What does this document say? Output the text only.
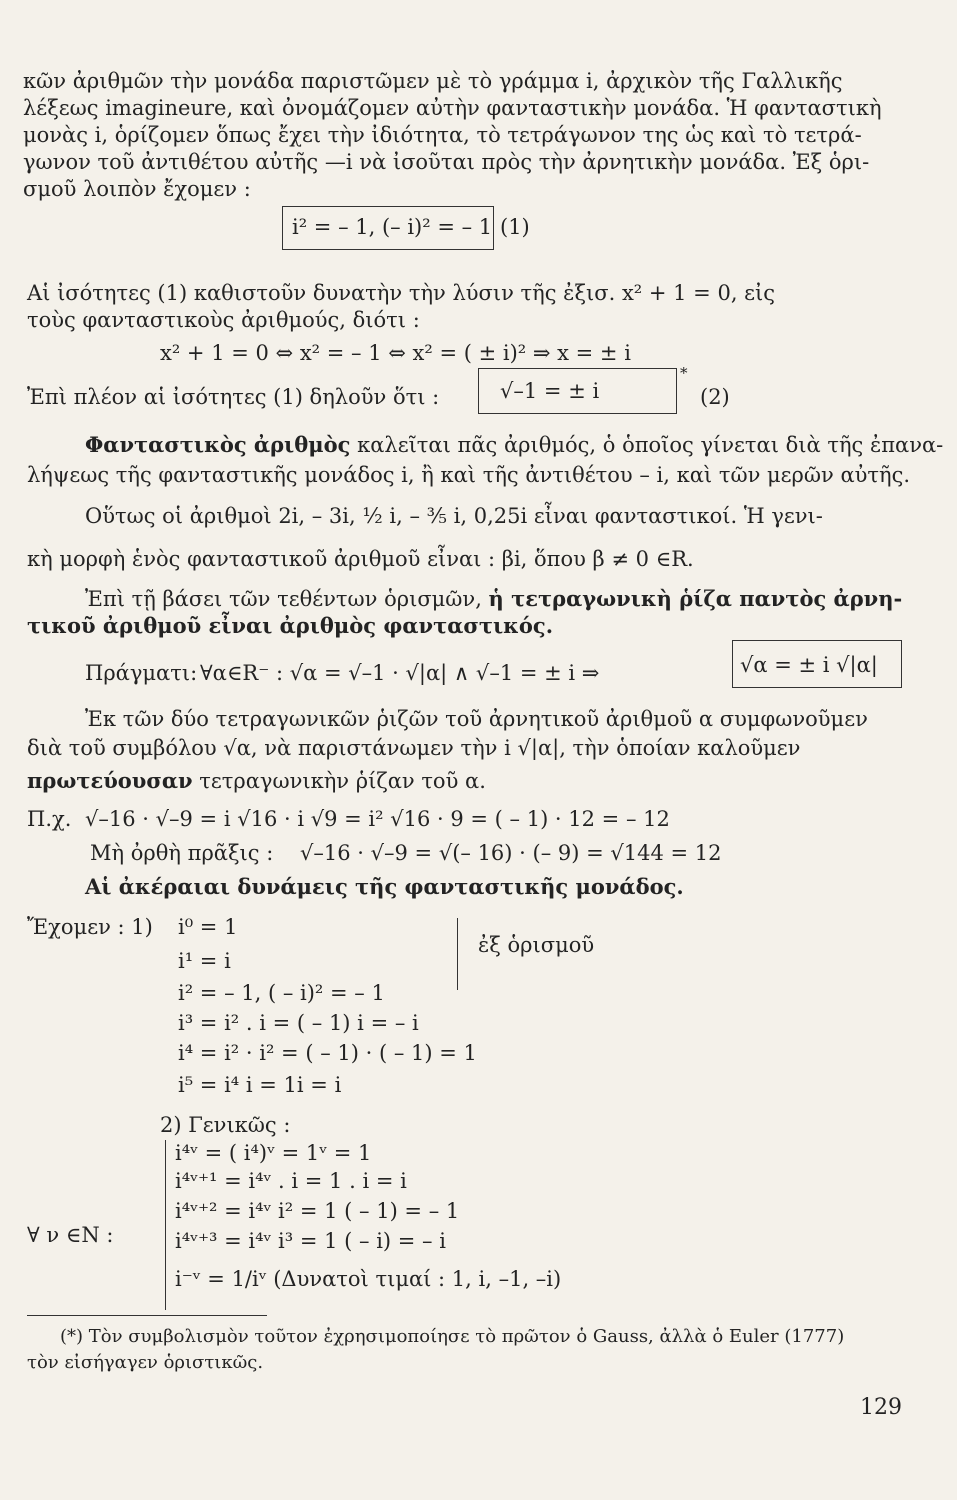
κῶν ἀριθμῶν τὴν μονάδα παριστῶμεν μὲ τὸ γράμμα i, ἀρχικὸν τῆς Γαλλικῆς
λέξεως imagineure, καὶ ὀνομάζομεν αὐτὴν φανταστικὴν μονάδα. Ἡ φανταστικὴ
μονὰς i, ὁρίζομεν ὅπως ἔχει τὴν ἰδιότητα, τὸ τετράγωνον της ὡς καὶ τὸ τετρά-
γωνον τοῦ ἀντιθέτου αὐτῆς —i νὰ ἰσοῦται πρὸς τὴν ἀρνητικὴν μονάδα. Ἐξ ὁρι-
σμοῦ λοιπὸν ἔχομεν :
i² = – 1, (– i)² = – 1 (1)
Αἱ ἰσότητες (1) καθιστοῦν δυνατὴν τὴν λύσιν τῆς ἐξισ. x² + 1 = 0, εἰς
τοὺς φανταστικοὺς ἀριθμούς, διότι :
x² + 1 = 0 ⇔ x² = – 1 ⇔ x² = ( ± i)² ⇒ x = ± i
Ἐπὶ πλέον αἱ ἰσότητες (1) δηλοῦν ὅτι :	√–1 = ± i
*
(2)
Φανταστικὸς ἀριθμὸς καλεῖται πᾶς ἀριθμός, ὁ ὁποῖος γίνεται διὰ τῆς ἐπανα-
λήψεως τῆς φανταστικῆς μονάδος i, ἢ καὶ τῆς ἀντιθέτου – i, καὶ τῶν μερῶν αὐτῆς.
Οὕτως οἱ ἀριθμοὶ 2i, – 3i, ½ i, – ³⁄₅ i, 0,25i εἶναι φανταστικοί. Ἡ γενι-
κὴ μορφὴ ἑνὸς φανταστικοῦ ἀριθμοῦ εἶναι : βi, ὅπου β ≠ 0 ∈R.
Ἐπὶ τῇ βάσει τῶν τεθέντων ὁρισμῶν, ἡ τετραγωνικὴ ῥίζα παντὸς ἀρνη-
τικοῦ ἀριθμοῦ εἶναι ἀριθμὸς φανταστικός.
Πράγματι: ∀α∈R⁻ : √α = √–1 · √|α| ∧ √–1 = ± i ⇒	√α = ± i √|α|
Ἐκ τῶν δύο τετραγωνικῶν ῥιζῶν τοῦ ἀρνητικοῦ ἀριθμοῦ α συμφωνοῦμεν
διὰ τοῦ συμβόλου √α, νὰ παριστάνωμεν τὴν i √|α|, τὴν ὁποίαν καλοῦμεν
πρωτεύουσαν τετραγωνικὴν ῥίζαν τοῦ α.
Π.χ. √–16 · √–9 = i √16 · i √9 = i² √16 · 9 = ( – 1) · 12 = – 12
Μὴ ὀρθὴ πρᾶξις : √–16 · √–9 = √(– 16) · (– 9) = √144 = 12
Αἱ ἀκέραιαι δυνάμεις τῆς φανταστικῆς μονάδος.
Ἔχομεν : 1)
ἐξ ὁρισμοῦ
i⁰ = 1
i¹ = i
i² = – 1, ( – i)² = – 1
i³ = i² . i = ( – 1) i = – i
i⁴ = i² · i² = ( – 1) · ( – 1) = 1
i⁵ = i⁴ i = 1i = i
2) Γενικῶς :
∀ ν ∈N :
i⁴ᵛ = ( i⁴)ᵛ = 1ᵛ = 1
i⁴ᵛ⁺¹ = i⁴ᵛ . i = 1 . i = i
i⁴ᵛ⁺² = i⁴ᵛ i² = 1 ( – 1) = – 1
i⁴ᵛ⁺³ = i⁴ᵛ i³ = 1 ( – i) = – i
i⁻ᵛ = 1/iᵛ (Δυνατοὶ τιμαί : 1, i, –1, –i)
(*) Τὸν συμβολισμὸν τοῦτον ἐχρησιμοποίησε τὸ πρῶτον ὁ Gauss, ἀλλὰ ὁ Euler (1777)
τὸν εἰσήγαγεν ὁριστικῶς.
129
